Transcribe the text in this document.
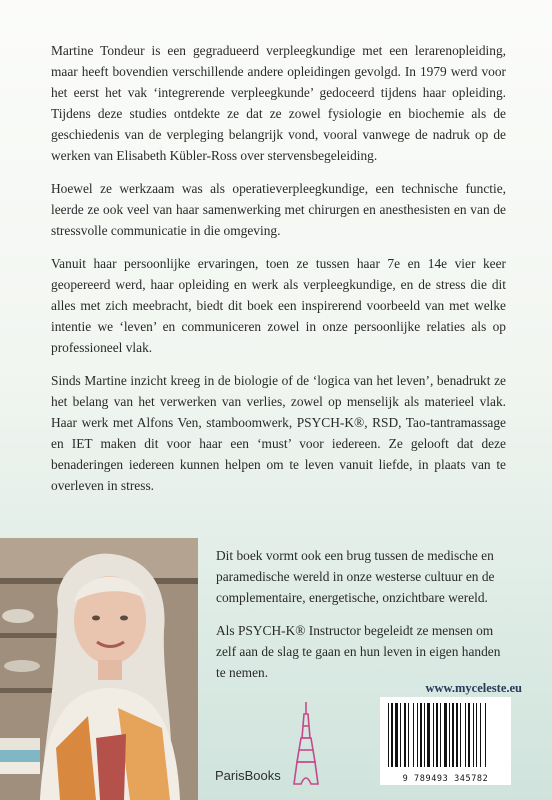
Martine Tondeur is een gegradueerd verpleegkundige met een lerarenopleiding, maar heeft bovendien verschillende andere opleidingen gevolgd. In 1979 werd voor het eerst het vak ‘integrerende verpleegkunde’ gedoceerd tijdens haar opleiding. Tijdens deze studies ontdekte ze dat ze zowel fysiologie en biochemie als de geschiedenis van de verpleging belangrijk vond, vooral vanwege de nadruk op de werken van Elisabeth Kübler-Ross over stervensbegeleiding.

Hoewel ze werkzaam was als operatieverpleegkundige, een technische functie, leerde ze ook veel van haar samenwerking met chirurgen en anesthesisten en van de stressvolle communicatie in die omgeving.

Vanuit haar persoonlijke ervaringen, toen ze tussen haar 7e en 14e vier keer geopereerd werd, haar opleiding en werk als verpleegkundige, en de stress die dit alles met zich meebracht, biedt dit boek een inspirerend voorbeeld van met welke intentie we ‘leven’ en communiceren zowel in onze persoonlijke relaties als op professioneel vlak.

Sinds Martine inzicht kreeg in de biologie of de ‘logica van het leven’, benadrukt ze het belang van het verwerken van verlies, zowel op menselijk als materieel vlak. Haar werk met Alfons Ven, stamboomwerk, PSYCH-K®, RSD, Tao-tantramassage en IET maken dit voor haar een ‘must’ voor iedereen. Ze gelooft dat deze benaderingen iedereen kunnen helpen om te leven vanuit liefde, in plaats van te overleven in stress.

Dit boek vormt ook een brug tussen de medische en paramedische wereld in onze westerse cultuur en de complementaire, energetische, onzichtbare wereld.

Als PSYCH-K® Instructor begeleidt ze mensen om zelf aan de slag te gaan en hun leven in eigen handen te nemen.

www.myceleste.eu
ParisBooks	9 789493 345782
